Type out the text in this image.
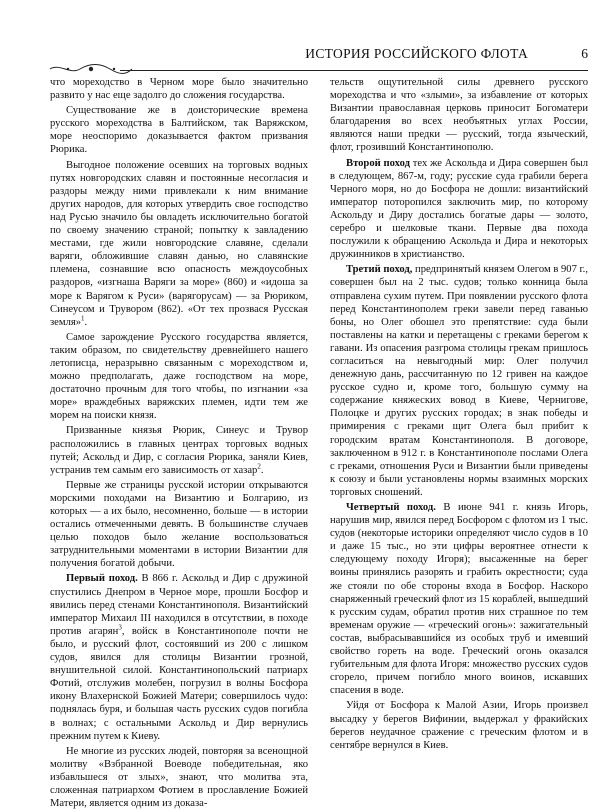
ИСТОРИЯ РОССИЙСКОГО ФЛОТА	6

что мореходство в Черном море было значительно развито у нас еще задолго до сложения государства.

Существование же в доисторические времена русского мореходства в Балтийском, так Варяжском, море неоспоримо доказывается фактом призвания Рюрика.

Выгодное положение осевших на торговых водных путях новгородских славян и постоянные несогласия и раздоры между ними привлекали к ним внимание других народов, для которых утвердить свое господство над Русью значило бы овладеть исключительно богатой по своему значению страной; попытку к завладению местами, где жили новгородские славяне, сделали варяги, обложившие славян данью, но славянские племена, сознавшие всю опасность междоусобных раздоров, «изгнаша Варяги за море» (860) и «идоша за море к Варягом к Руси» (варягорусам) — за Рюриком, Синеусом и Трувором (862). «От тех прозвася Русская земля»$^1$.

Самое зарождение Русского государства является, таким образом, по свидетельству древнейшего нашего летописца, неразрывно связанным с мореходством и, можно предполагать, даже господством на море, достаточно прочным для того чтобы, по изгнании «за море» враждебных варяжских племен, идти тем же морем на поиски князя.

Призванные князья Рюрик, Синеус и Трувор расположились в главных центрах торговых водных путей; Аскольд и Дир, с согласия Рюрика, заняли Киев, устранив тем самым его зависимость от хазар$^2$.

Первые же страницы русской истории открываются морскими походами на Византию и Болгарию, из которых — а их было, несомненно, больше — в истории остались отмеченными девять. В большинстве случаев целью походов было желание воспользоваться затруднительными моментами в истории Византии для получения богатой добычи.

Первый поход. В 866 г. Аскольд и Дир с дружиной спустились Днепром в Черное море, прошли Босфор и явились перед стенами Константинополя. Византийский император Михаил III находился в отсутствии, в походе против агарян$^3$, войск в Константинополе почти не было, и русский флот, состоявший из 200 с лишком судов, явился для столицы Византии грозной, внушительной силой. Константинопольский патриарх Фотий, отслужив молебен, погрузил в волны Босфора икону Влахернской Божией Матери; совершилось чудо: поднялась буря, и большая часть русских судов погибла в волнах; с остальными Аскольд и Дир вернулись прежним путем к Киеву.

Не многие из русских людей, повторяя за всенощной молитву «Взбранной Воеводе победительная, яко избавльшеся от злых», знают, что молитва эта, сложенная патриархом Фотием в прославление Божией Матери, является одним из доказа-

тельств ощутительной силы древнего русского мореходства и что «злыми», за избавление от которых Византии православная церковь приносит Богоматери благодарения во всех необъятных углах России, являются наши предки — русский, тогда языческий, флот, грозивший Константинополю.

Второй поход тех же Аскольда и Дира совершен был в следующем, 867-м, году; русские суда грабили берега Черного моря, но до Босфора не дошли: византийский император поторопился заключить мир, по которому Аскольду и Диру достались богатые дары — золото, серебро и шелковые ткани. Первые два похода послужили к обращению Аскольда и Дира и некоторых дружинников в христианство.

Третий поход, предпринятый князем Олегом в 907 г., совершен был на 2 тыс. судов; только конница была отправлена сухим путем. При появлении русского флота перед Константинополем греки завели перед гаванью боны, но Олег обошел это препятствие: суда были поставлены на катки и перетащены с греками берегом к гавани. Из опасения разгрома столицы грекам пришлось согласиться на невыгодный мир: Олег получил денежную дань, рассчитанную по 12 гривен на каждое русское судно и, кроме того, большую сумму на содержание княжеских вовод в Киеве, Чернигове, Полоцке и других русских городах; в знак победы и примирения с греками щит Олега был прибит к городским вратам Константинополя. В договоре, заключенном в 912 г. в Константинополе послами Олега с греками, отношения Руси и Византии были приведены к союзу и были установлены нормы взаимных морских торговых сношений.

Четвертый поход. В июне 941 г. князь Игорь, нарушив мир, явился перед Босфором с флотом из 1 тыс. судов (некоторые историки определяют число судов в 10 и даже 15 тыс., но эти цифры вероятнее отнести к следующему походу Игоря); высаженные на берег воины принялись разорять и грабить окрестности; суда же стояли по обе стороны входа в Босфор. Наскоро снаряженный греческий флот из 15 кораблей, вышедший к русским судам, обратил против них страшное по тем временам оружие — «греческий огонь»: зажигательный состав, выбрасывавшийся из особых труб и имевший свойство гореть на воде. Греческий огонь оказался губительным для флота Игоря: множество русских судов сгорело, причем погибло много воинов, искавших спасения в воде.

Уйдя от Босфора к Малой Азии, Игорь произвел высадку у берегов Вифинии, выдержал у фракийских берегов неудачное сражение с греческим флотом и в сентябре вернулся в Киев.
